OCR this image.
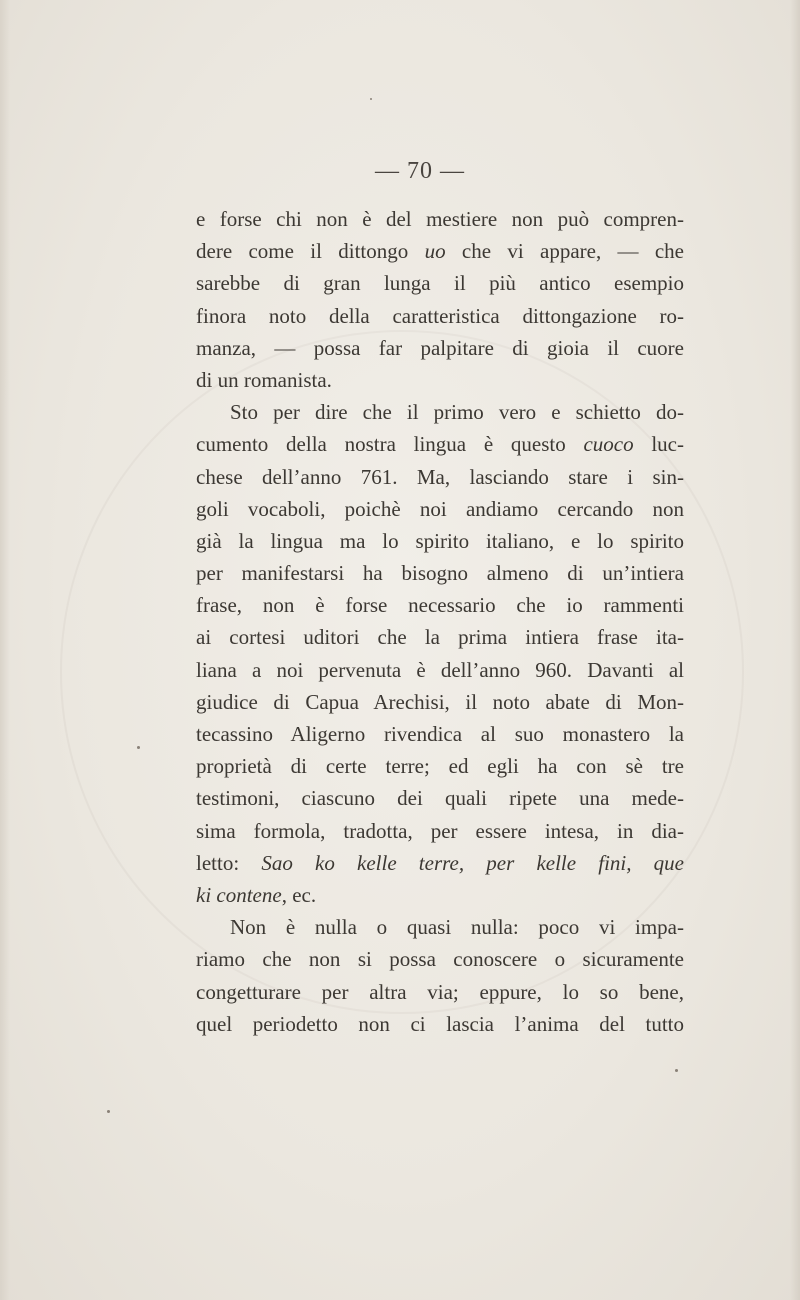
— 70 —
e forse chi non è del mestiere non può compren-
dere come il dittongo uo che vi appare, — che
sarebbe di gran lunga il più antico esempio
finora noto della caratteristica dittongazione ro-
manza, — possa far palpitare di gioia il cuore
di un romanista.
Sto per dire che il primo vero e schietto do-
cumento della nostra lingua è questo cuoco luc-
chese dell’anno 761. Ma, lasciando stare i sin-
goli vocaboli, poichè noi andiamo cercando non
già la lingua ma lo spirito italiano, e lo spirito
per manifestarsi ha bisogno almeno di un’intiera
frase, non è forse necessario che io rammenti
ai cortesi uditori che la prima intiera frase ita-
liana a noi pervenuta è dell’anno 960. Davanti al
giudice di Capua Arechisi, il noto abate di Mon-
tecassino Aligerno rivendica al suo monastero la
proprietà di certe terre; ed egli ha con sè tre
testimoni, ciascuno dei quali ripete una mede-
sima formola, tradotta, per essere intesa, in dia-
letto: Sao ko kelle terre, per kelle fini, que
ki contene, ec.
Non è nulla o quasi nulla: poco vi impa-
riamo che non si possa conoscere o sicuramente
congetturare per altra via; eppure, lo so bene,
quel periodetto non ci lascia l’anima del tutto
